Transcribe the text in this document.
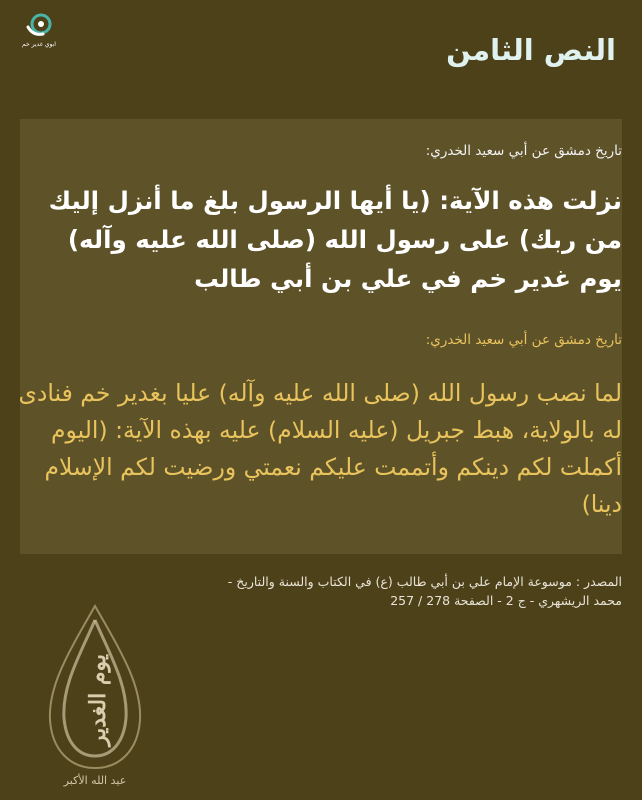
ابوي غدير خم	النص الثامن

تاريخ دمشق عن أبي سعيد الخدري:

نزلت هذه الآية: (يا أيها الرسول بلغ ما أنزل إليك من ربك) على رسول الله (صلى الله عليه وآله) يوم غدير خم في علي بن أبي طالب

تاريخ دمشق عن أبي سعيد الخدري:

لما نصب رسول الله (صلى الله عليه وآله) عليا بغدير خم فنادى له بالولاية، هبط جبريل (عليه السلام) عليه بهذه الآية: (اليوم أكملت لكم دينكم وأتممت عليكم نعمتي ورضيت لكم الإسلام دينا)

المصدر : موسوعة الإمام علي بن أبي طالب (ع) في الكتاب والسنة والتاريخ - محمد الريشهري - ج 2 - الصفحة 278 / 257

يوم الغدير
عيد الله الأكبر
